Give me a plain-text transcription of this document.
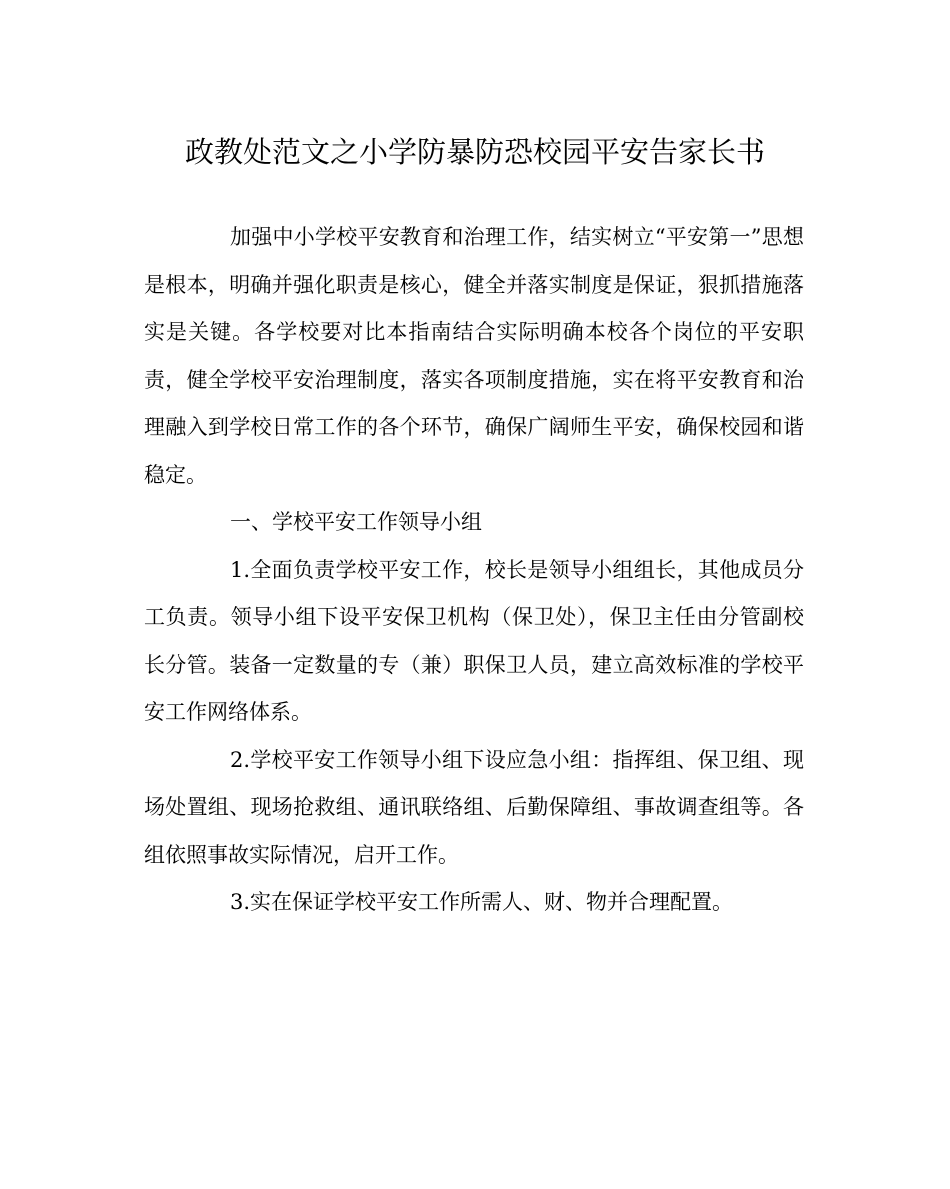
政教处范文之小学防暴防恐校园平安告家长书

加强中小学校平安教育和治理工作，结实树立“平安第一”思想是根本，明确并强化职责是核心，健全并落实制度是保证，狠抓措施落实是关键。各学校要对比本指南结合实际明确本校各个岗位的平安职责，健全学校平安治理制度，落实各项制度措施，实在将平安教育和治理融入到学校日常工作的各个环节，确保广阔师生平安，确保校园和谐稳定。

一、学校平安工作领导小组

1.全面负责学校平安工作，校长是领导小组组长，其他成员分工负责。领导小组下设平安保卫机构（保卫处），保卫主任由分管副校长分管。装备一定数量的专（兼）职保卫人员，建立高效标准的学校平安工作网络体系。

2.学校平安工作领导小组下设应急小组：指挥组、保卫组、现场处置组、现场抢救组、通讯联络组、后勤保障组、事故调查组等。各组依照事故实际情况，启开工作。

3.实在保证学校平安工作所需人、财、物并合理配置。
